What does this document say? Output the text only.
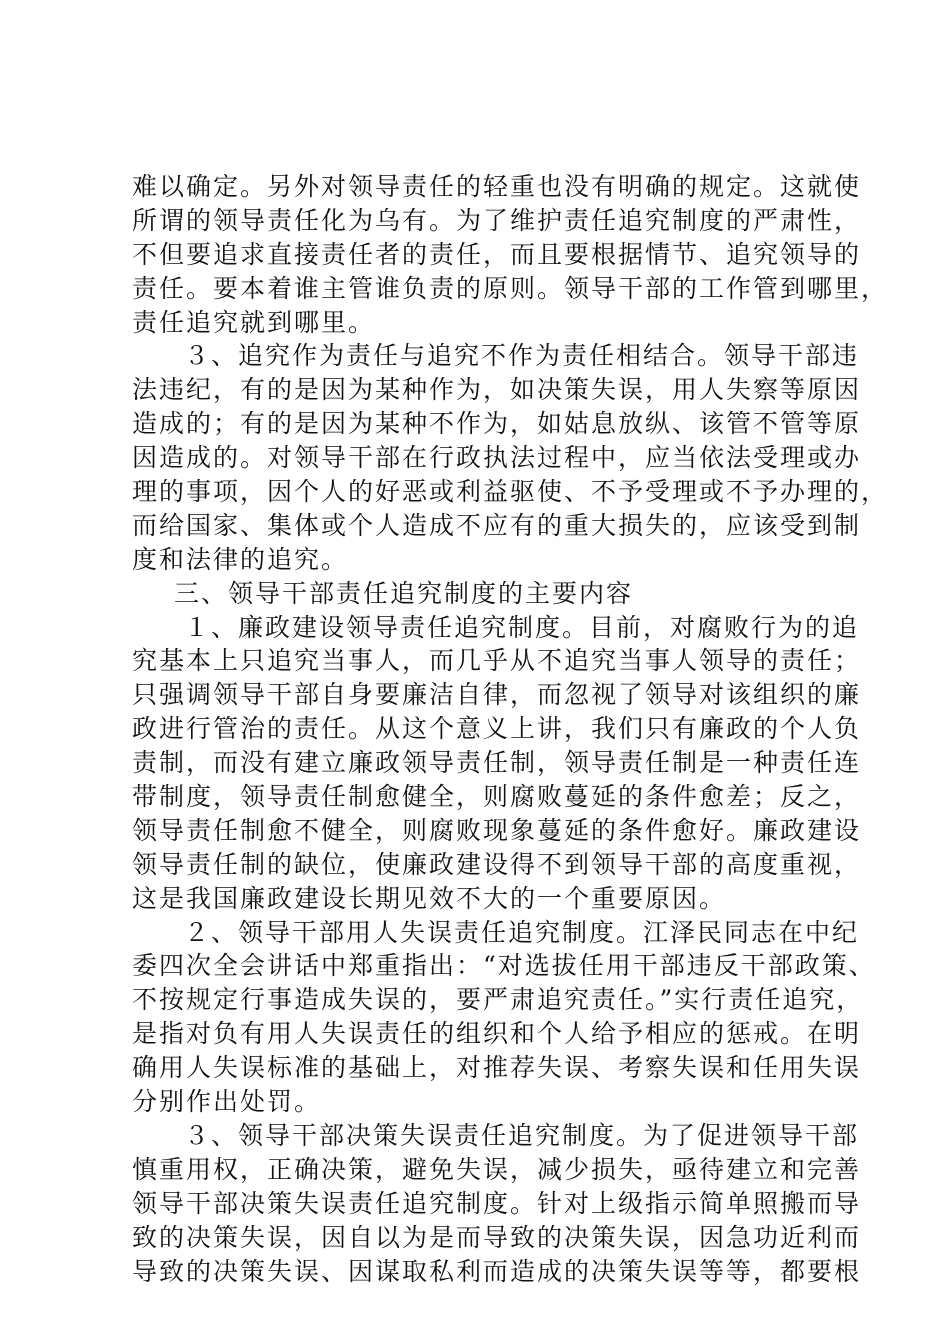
难以确定。另外对领导责任的轻重也没有明确的规定。这就使
所谓的领导责任化为乌有。为了维护责任追究制度的严肃性，
不但要追求直接责任者的责任，而且要根据情节、追究领导的
责任。要本着谁主管谁负责的原则。领导干部的工作管到哪里，
责任追究就到哪里。
３、追究作为责任与追究不作为责任相结合。领导干部违
法违纪，有的是因为某种作为，如决策失误，用人失察等原因
造成的；有的是因为某种不作为，如姑息放纵、该管不管等原
因造成的。对领导干部在行政执法过程中，应当依法受理或办
理的事项，因个人的好恶或利益驱使、不予受理或不予办理的，
而给国家、集体或个人造成不应有的重大损失的，应该受到制
度和法律的追究。
三、领导干部责任追究制度的主要内容
１、廉政建设领导责任追究制度。目前，对腐败行为的追
究基本上只追究当事人，而几乎从不追究当事人领导的责任；
只强调领导干部自身要廉洁自律，而忽视了领导对该组织的廉
政进行管治的责任。从这个意义上讲，我们只有廉政的个人负
责制，而没有建立廉政领导责任制，领导责任制是一种责任连
带制度，领导责任制愈健全，则腐败蔓延的条件愈差；反之，
领导责任制愈不健全，则腐败现象蔓延的条件愈好。廉政建设
领导责任制的缺位，使廉政建设得不到领导干部的高度重视，
这是我国廉政建设长期见效不大的一个重要原因。
２、领导干部用人失误责任追究制度。江泽民同志在中纪
委四次全会讲话中郑重指出：“对选拔任用干部违反干部政策、
不按规定行事造成失误的，要严肃追究责任。”实行责任追究，
是指对负有用人失误责任的组织和个人给予相应的惩戒。在明
确用人失误标准的基础上，对推荐失误、考察失误和任用失误
分别作出处罚。
３、领导干部决策失误责任追究制度。为了促进领导干部
慎重用权，正确决策，避免失误，减少损失，亟待建立和完善
领导干部决策失误责任追究制度。针对上级指示简单照搬而导
致的决策失误，因自以为是而导致的决策失误，因急功近利而
导致的决策失误、因谋取私利而造成的决策失误等等，都要根
